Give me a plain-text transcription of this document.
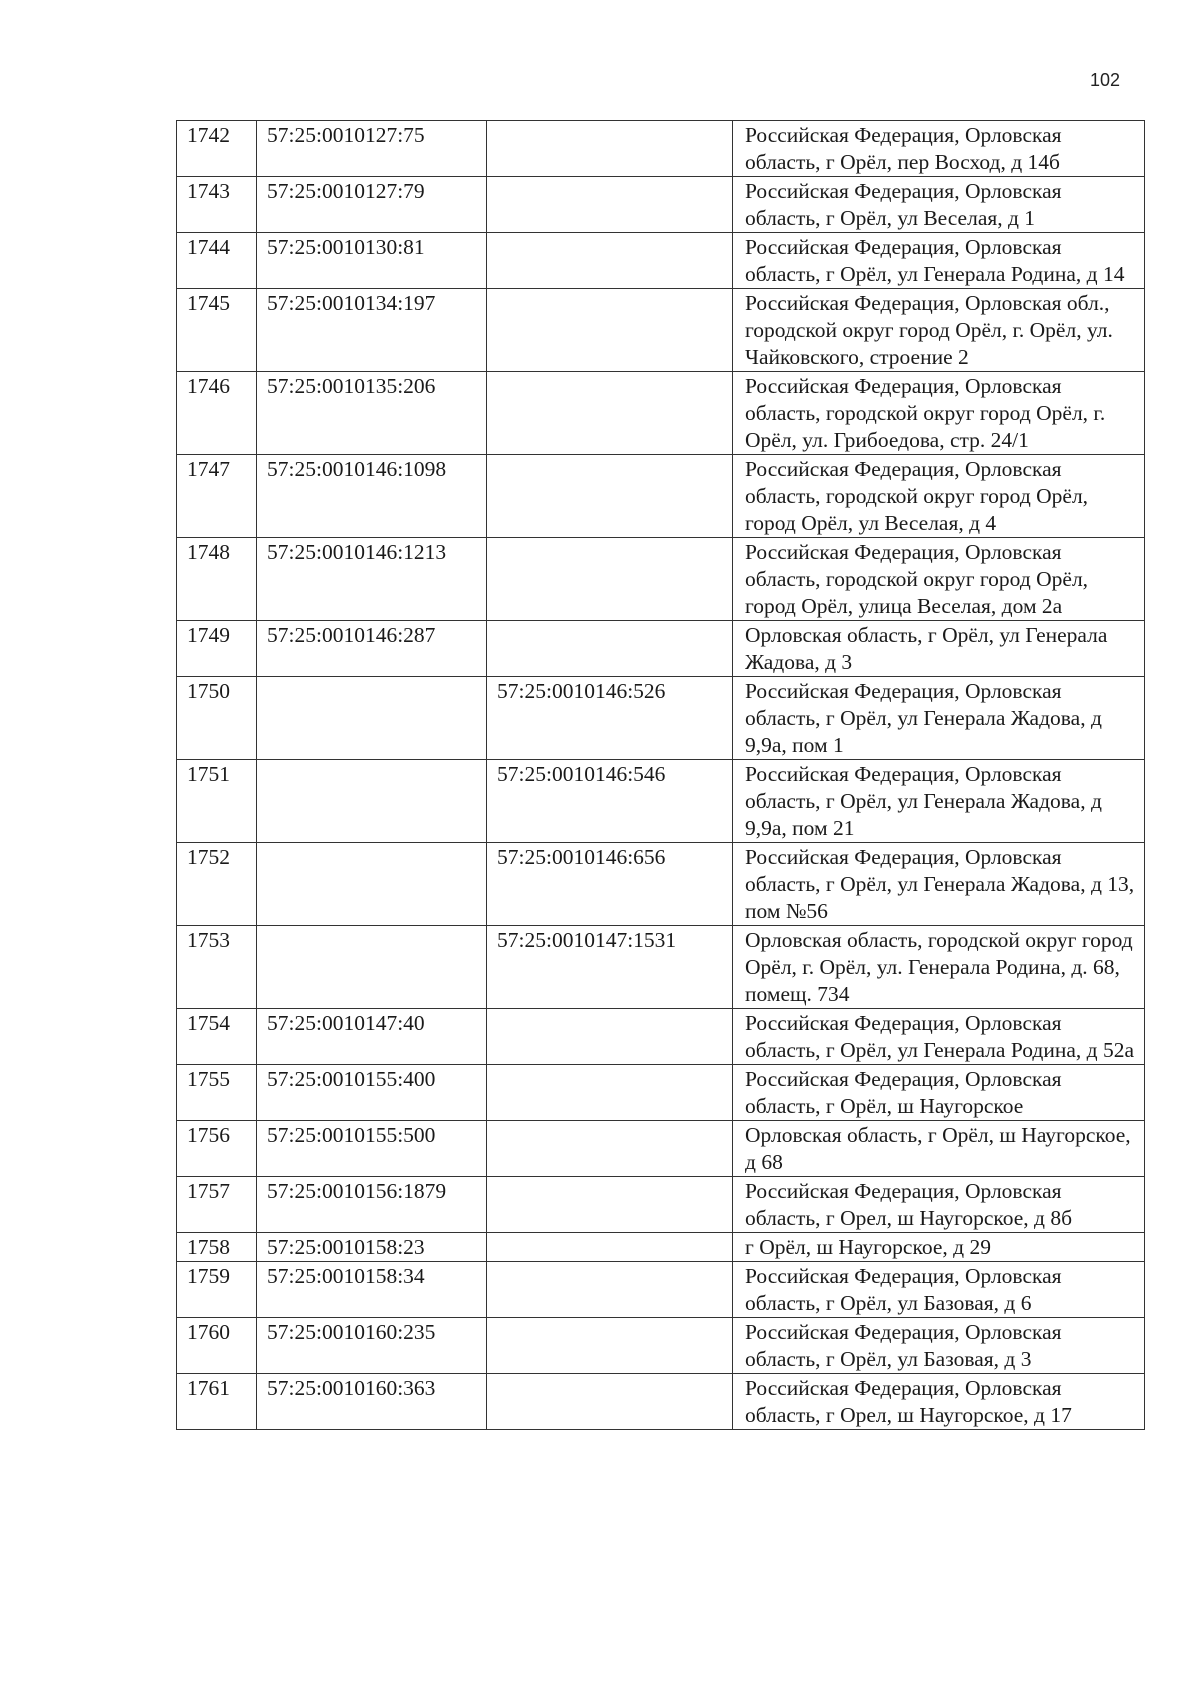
102
1742	57:25:0010127:75		Российская Федерация, Орловская область, г Орёл, пер Восход, д 14б
1743	57:25:0010127:79		Российская Федерация, Орловская область, г Орёл, ул Веселая, д 1
1744	57:25:0010130:81		Российская Федерация, Орловская область, г Орёл, ул Генерала Родина, д 14
1745	57:25:0010134:197		Российская Федерация, Орловская обл., городской округ город Орёл, г. Орёл, ул. Чайковского, строение 2
1746	57:25:0010135:206		Российская Федерация, Орловская область, городской округ город Орёл, г. Орёл, ул. Грибоедова, стр. 24/1
1747	57:25:0010146:1098		Российская Федерация, Орловская область, городской округ город Орёл, город Орёл, ул Веселая, д 4
1748	57:25:0010146:1213		Российская Федерация, Орловская область, городской округ город Орёл, город Орёл, улица Веселая, дом 2а
1749	57:25:0010146:287		Орловская область, г Орёл, ул Генерала Жадова, д 3
1750		57:25:0010146:526	Российская Федерация, Орловская область, г Орёл, ул Генерала Жадова, д 9,9а, пом 1
1751		57:25:0010146:546	Российская Федерация, Орловская область, г Орёл, ул Генерала Жадова, д 9,9а, пом 21
1752		57:25:0010146:656	Российская Федерация, Орловская область, г Орёл, ул Генерала Жадова, д 13, пом №56
1753		57:25:0010147:1531	Орловская область, городской округ город Орёл, г. Орёл, ул. Генерала Родина, д. 68, помещ. 734
1754	57:25:0010147:40		Российская Федерация, Орловская область, г Орёл, ул Генерала Родина, д 52а
1755	57:25:0010155:400		Российская Федерация, Орловская область, г Орёл, ш Наугорское
1756	57:25:0010155:500		Орловская область, г Орёл, ш Наугорское, д 68
1757	57:25:0010156:1879		Российская Федерация, Орловская область, г Орел, ш Наугорское, д 8б
1758	57:25:0010158:23		г Орёл, ш Наугорское, д 29
1759	57:25:0010158:34		Российская Федерация, Орловская область, г Орёл, ул Базовая, д 6
1760	57:25:0010160:235		Российская Федерация, Орловская область, г Орёл, ул Базовая, д 3
1761	57:25:0010160:363		Российская Федерация, Орловская область, г Орел, ш Наугорское, д 17
